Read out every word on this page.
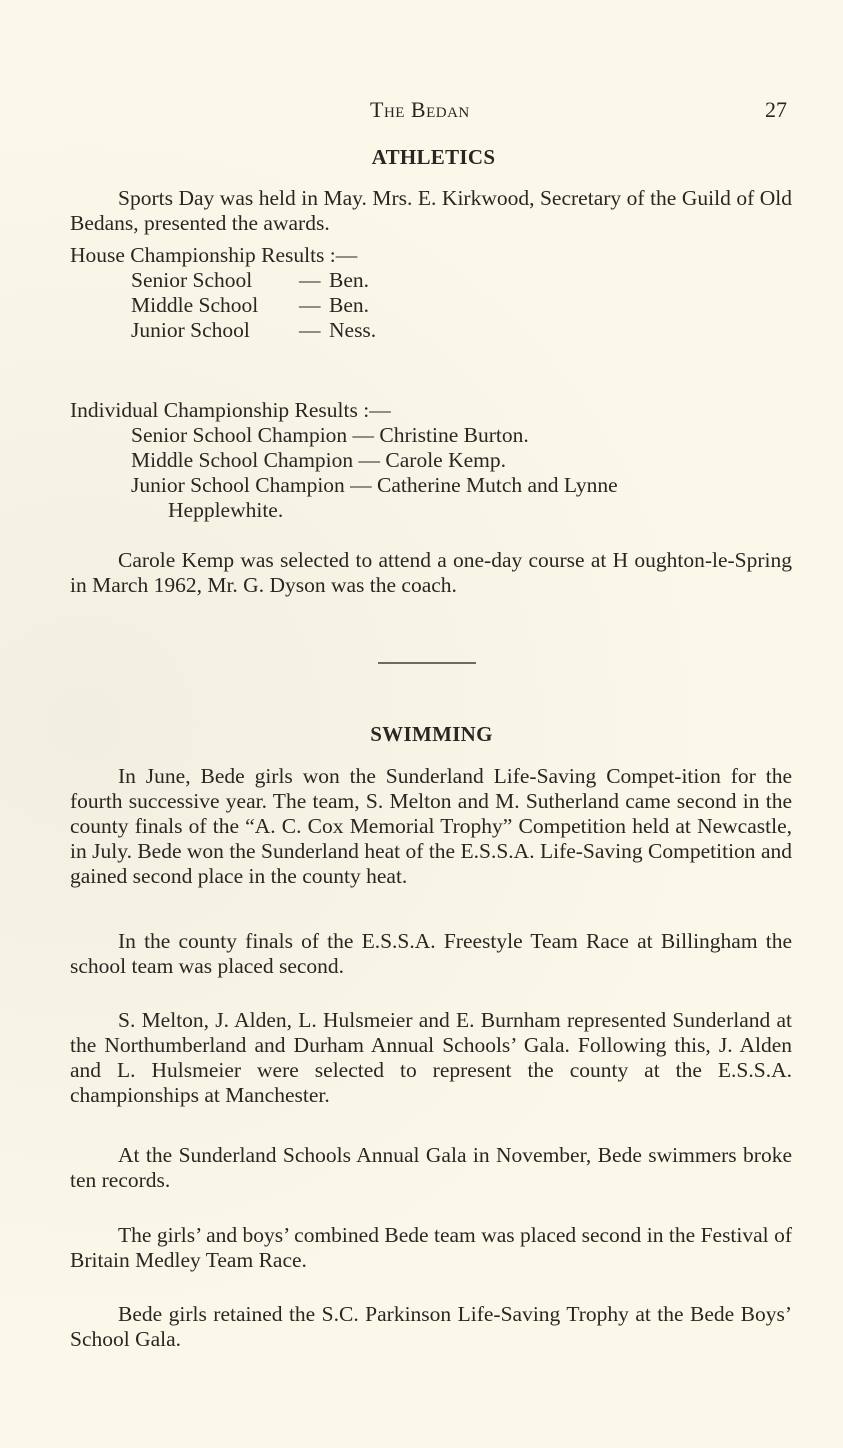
The Bedan	27
ATHLETICS

Sports Day was held in May. Mrs. E. Kirkwood, Secretary of the Guild of Old Bedans, presented the awards.

House Championship Results :—
Senior School — Ben.
Middle School — Ben.
Junior School — Ness.
Individual Championship Results :—
Senior School Champion — Christine Burton.
Middle School Champion — Carole Kemp.
Junior School Champion — Catherine Mutch and Lynne
Hepplewhite.

Carole Kemp was selected to attend a one-day course at H oughton-le-Spring in March 1962, Mr. G. Dyson was the coach.

SWIMMING

In June, Bede girls won the Sunderland Life-Saving Compet-ition for the fourth successive year. The team, S. Melton and M. Sutherland came second in the county finals of the “A. C. Cox Memorial Trophy” Competition held at Newcastle, in July. Bede won the Sunderland heat of the E.S.S.A. Life-Saving Competition and gained second place in the county heat.

In the county finals of the E.S.S.A. Freestyle Team Race at Billingham the school team was placed second.

S. Melton, J. Alden, L. Hulsmeier and E. Burnham represented Sunderland at the Northumberland and Durham Annual Schools’ Gala. Following this, J. Alden and L. Hulsmeier were selected to represent the county at the E.S.S.A. championships at Manchester.

At the Sunderland Schools Annual Gala in November, Bede swimmers broke ten records.

The girls’ and boys’ combined Bede team was placed second in the Festival of Britain Medley Team Race.

Bede girls retained the S.C. Parkinson Life-Saving Trophy at the Bede Boys’ School Gala.
